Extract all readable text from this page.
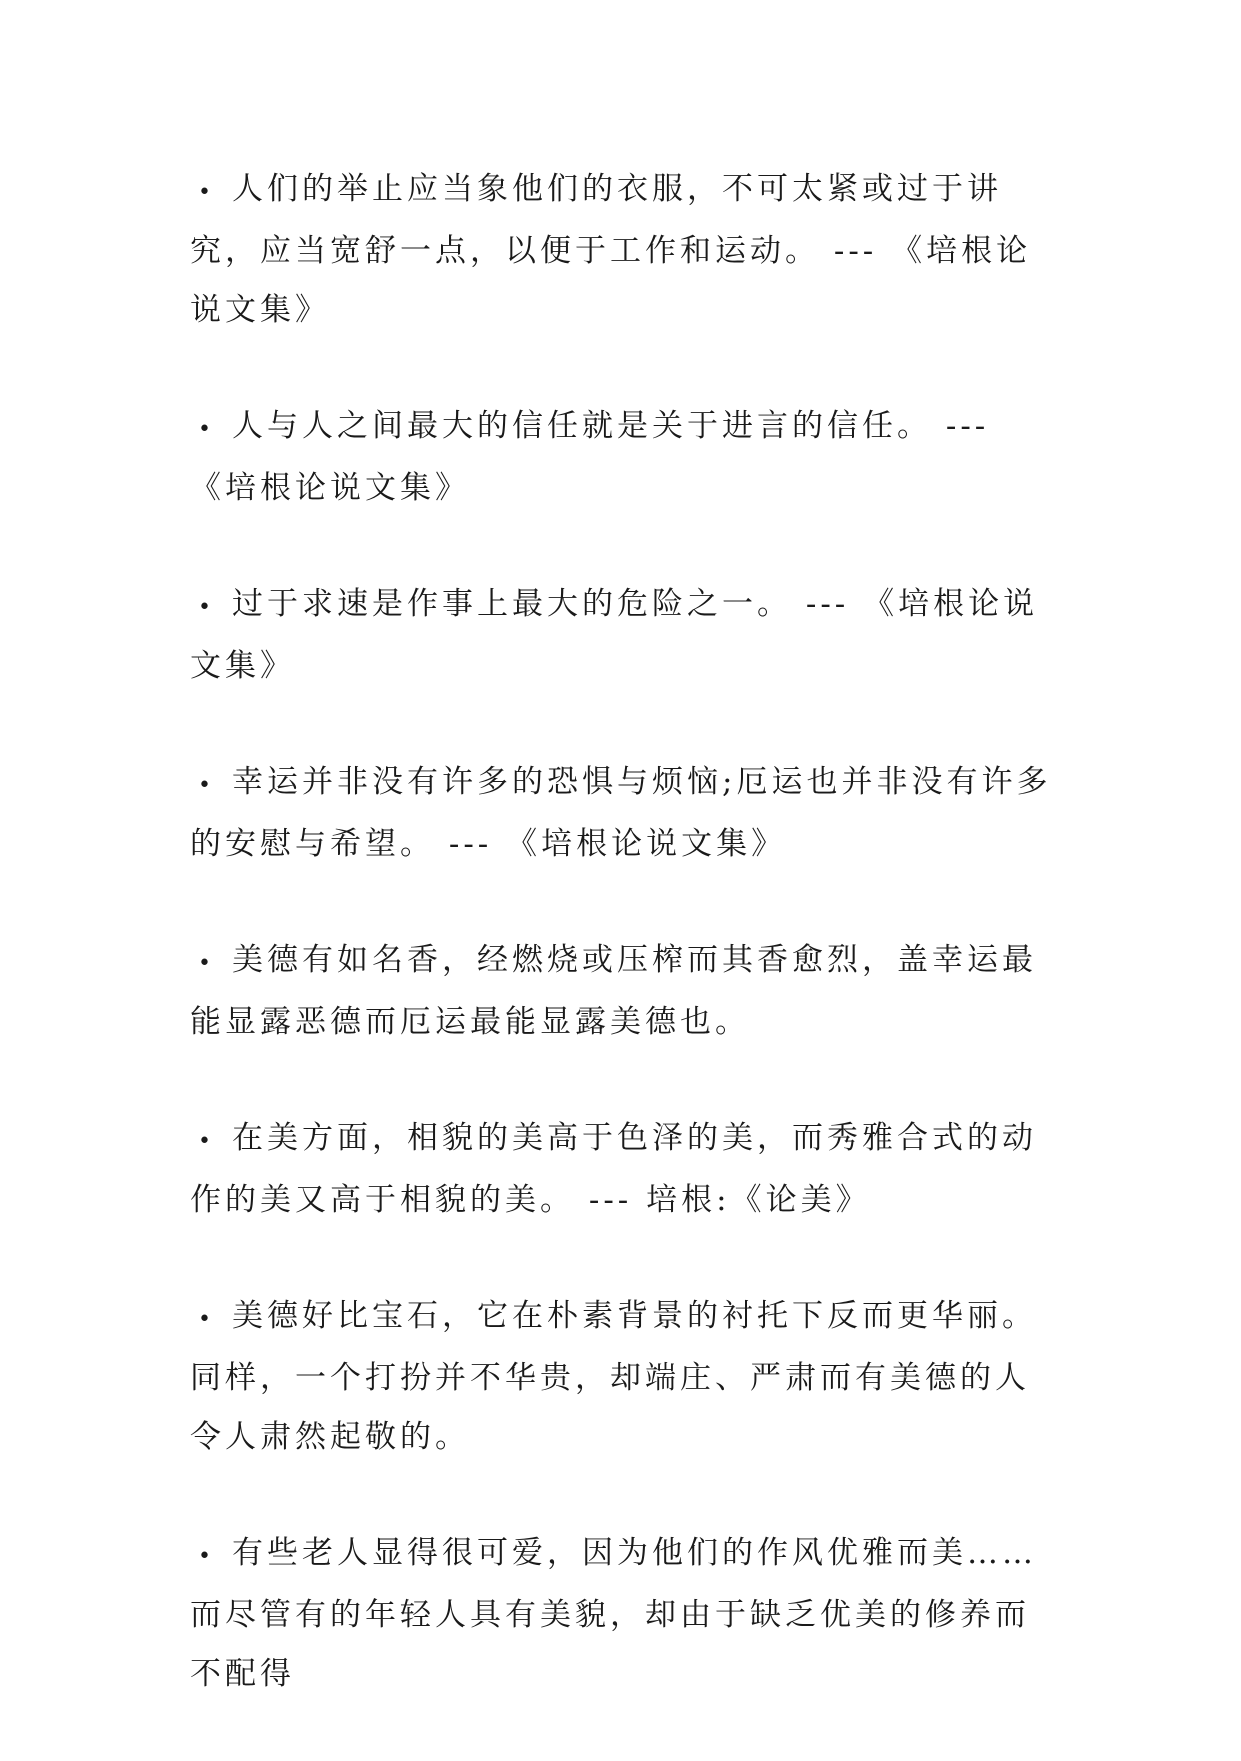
• 人们的举止应当象他们的衣服，不可太紧或过于讲究，应当宽舒一点，以便于工作和运动。 --- 《培根论说文集》

• 人与人之间最大的信任就是关于进言的信任。 --- 《培根论说文集》

• 过于求速是作事上最大的危险之一。 --- 《培根论说文集》

• 幸运并非没有许多的恐惧与烦恼;厄运也并非没有许多的安慰与希望。 --- 《培根论说文集》

• 美德有如名香，经燃烧或压榨而其香愈烈，盖幸运最能显露恶德而厄运最能显露美德也。

• 在美方面，相貌的美高于色泽的美，而秀雅合式的动作的美又高于相貌的美。 --- 培根:《论美》

• 美德好比宝石，它在朴素背景的衬托下反而更华丽。同样，一个打扮并不华贵，却端庄、严肃而有美德的人令人肃然起敬的。

• 有些老人显得很可爱，因为他们的作风优雅而美……而尽管有的年轻人具有美貌，却由于缺乏优美的修养而不配得
